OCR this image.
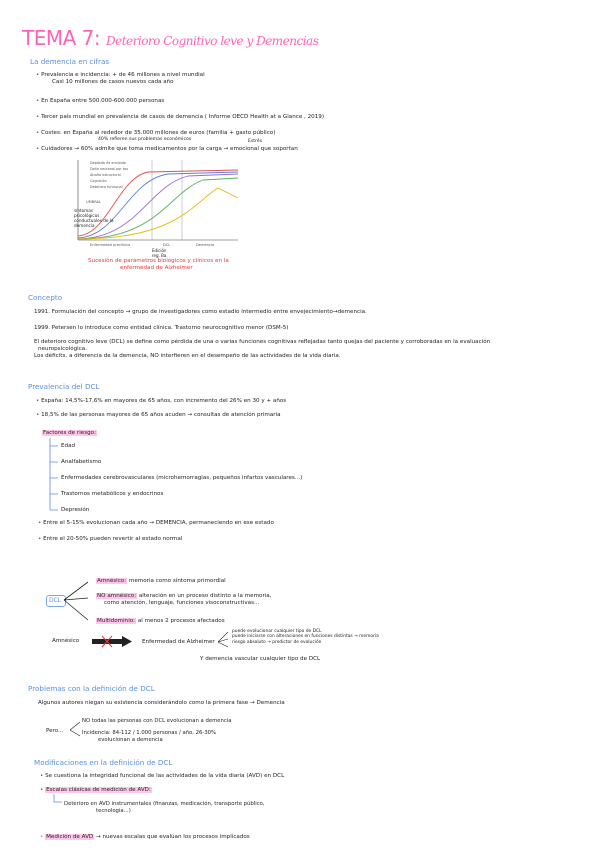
TEMA 7: Deterioro Cognitivo leve y Demencias
La demencia en cifras
• Prevalencia e incidencia: + de 46 millones a nivel mundial
Casi 10 millones de casos nuevos cada año
• En España entre 500.000-600.000 personas
• Tercer país mundial en prevalencia de casos de demencia ( Informe OECD Health at a Glance , 2019)
• Costes: en España al rededor de 35.000 millones de euros (familia + gasto público)
40% refieren sus problemas económicos	Estrés
• Cuidadores → 60% admite que toma medicamentos por la carga → emocional que soportan
Depósito de amiloide
Daño neuronal por tau
Atrofia estructural
Cognición
Deterioro funcional
UMBRAL
síntomas psicológicos conductuales de la demencia
Enfermedad preclínica	DCL	Demencia
Edición reg. Ba.
Sucesión de parámetros biológicos y clínicos en la
enfermedad de Alzheimer
Concepto
1991. Formulación del concepto → grupo de investigadores como estadio intermedio entre envejecimiento→demencia.
1999. Petersen lo introduce como entidad clínica. Trastorno neurocognitivo menor (DSM-5)
El deterioro cognitivo leve (DCL) se define como pérdida de una o varias funciones cognitivas reflejadas tanto quejas del paciente y corroboradas en la evaluación
neuropsicológica.
Los déficits, a diferencia de la demencia, NO interfieren en el desempeño de las actividades de la vida diaria.
Prevalencia del DCL
• España: 14,5%-17,6% en mayores de 65 años, con incremento del 26% en 30 y + años
• 18,5% de las personas mayores de 65 años acuden → consultas de atención primaria
Factores de riesgo:
Edad
Analfabetismo
Enfermedades cerebrovasculares (microhemorragias, pequeños infartos vasculares...)
Trastornos metabólicos y endocrinos
Depresión
• Entre el 5-15% evolucionan cada año → DEMENCIA, permaneciendo en ese estado
• Entre el 20-50% pueden revertir al estado normal
DCL
Amnésico: memoria como síntoma primordial
NO amnésico: alteración en un proceso distinto a la memoria,
como atención, lenguaje, funciones visoconstructivas...
Multidominio: al menos 2 procesos afectados
Amnésico	Enfermedad de Alzheimer
puede evolucionar cualquier tipo de DCL
puede iniciarse con alteraciones en funciones distintas → memoria
riesgo absoluto → predictor de evolución
Y demencia vascular cualquier tipo de DCL
Problemas con la definición de DCL
Algunos autores niegan su existencia considerándolo como la primera fase → Demencia
Pero...
NO todas las personas con DCL evolucionan a demencia
Incidencia: 84-112 / 1.000 personas / año, 26-30%
evolucionan a demencia
Modificaciones en la definición de DCL
• Se cuestiona la integridad funcional de las actividades de la vida diaria (AVD) en DCL
• Escalas clásicas de medición de AVD:
Deterioro en AVD instrumentales (finanzas, medicación, transporte público,
tecnología...)
• Medición de AVD → nuevas escalas que evalúan los procesos implicados
